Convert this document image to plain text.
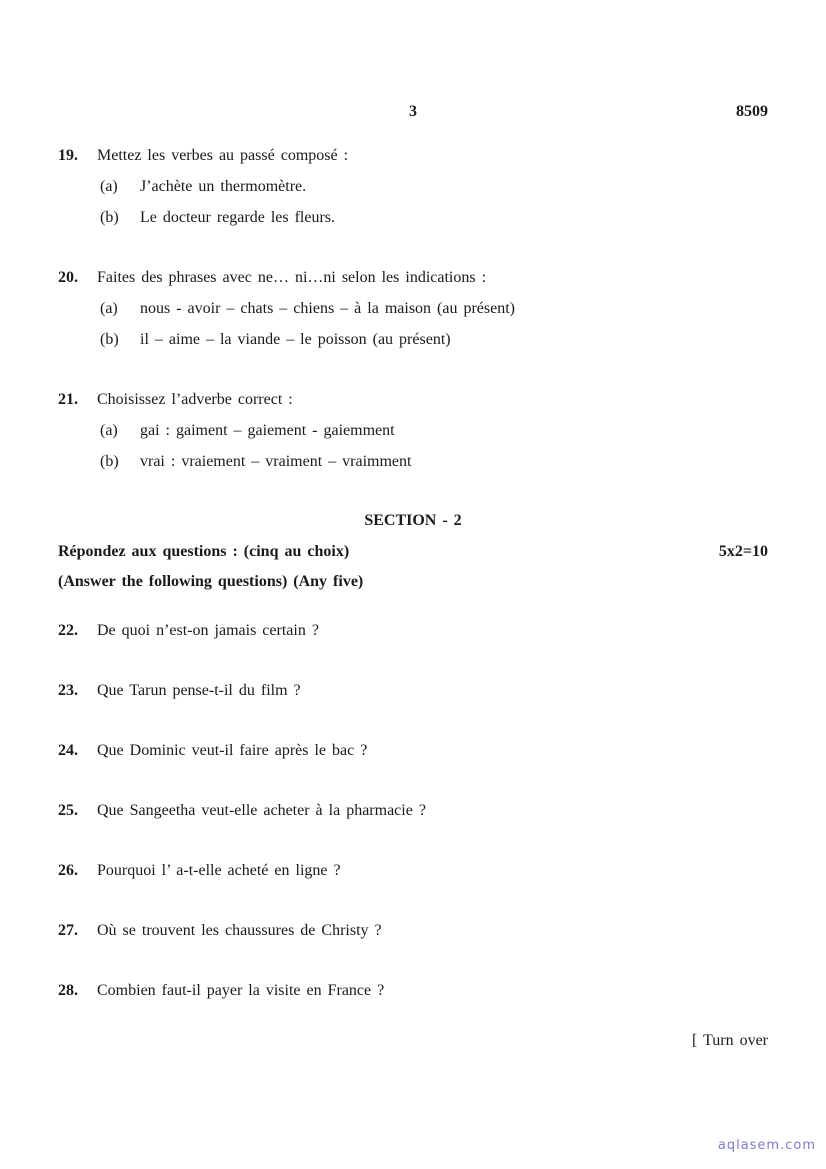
3	8509
19.	Mettez les verbes au passé composé :
(a)	J’achète un thermomètre.
(b)	Le docteur regarde les fleurs.
20.	Faites des phrases avec ne… ni…ni selon les indications :
(a)	nous - avoir – chats – chiens – à la maison (au présent)
(b)	il – aime – la viande – le poisson (au présent)
21.	Choisissez l’adverbe correct :
(a)	gai : gaiment – gaiement - gaiemment
(b)	vrai : vraiement – vraiment – vraimment
SECTION - 2
Répondez aux questions : (cinq au choix)	5x2=10
(Answer the following questions) (Any five)
22.	De quoi n’est-on jamais certain ?
23.	Que Tarun pense-t-il du film ?
24.	Que Dominic veut-il faire après le bac ?
25.	Que Sangeetha veut-elle acheter à la pharmacie ?
26.	Pourquoi l’ a-t-elle acheté en ligne ?
27.	Où se trouvent les chaussures de Christy ?
28.	Combien faut-il payer la visite en France ?
[ Turn over
aqlasem.com
